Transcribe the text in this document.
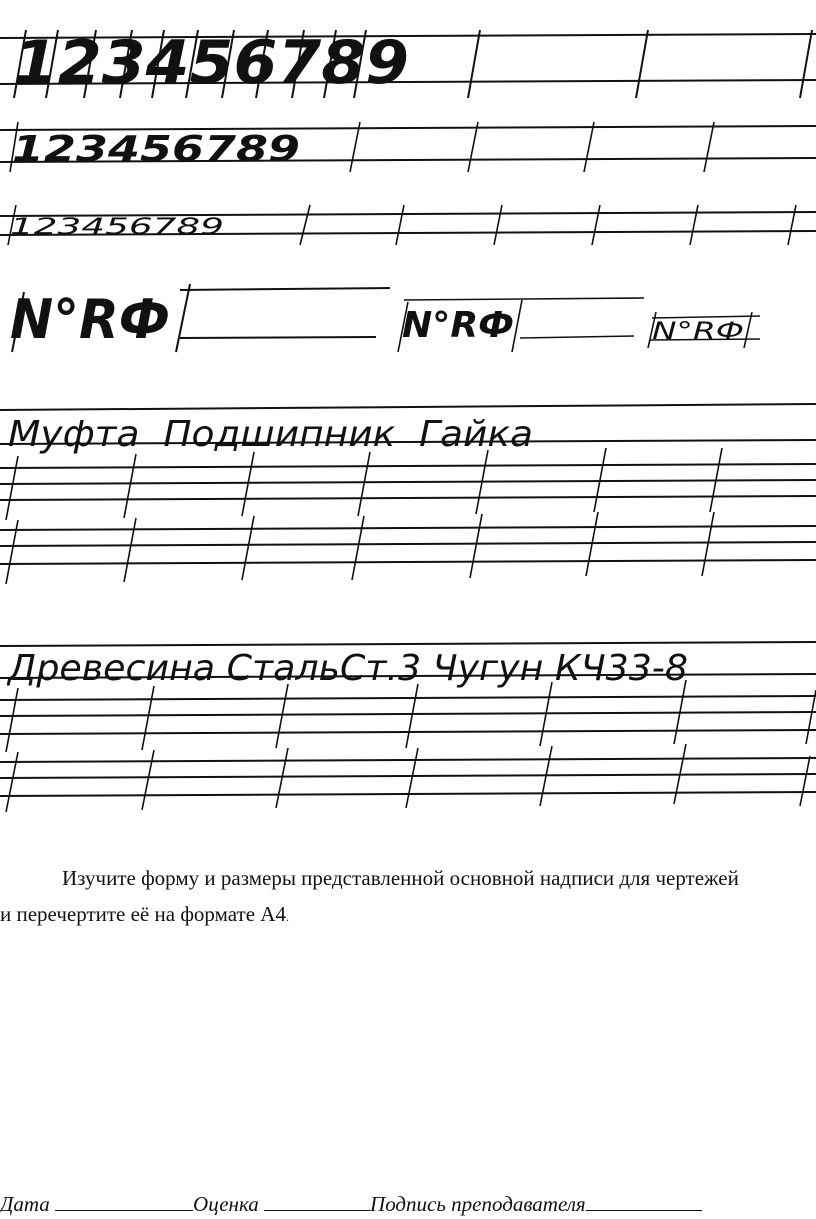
123456789
123456789
123456789
N°RФ	N°RФ	N°RФ
Муфта  Подшипник  Гайка
Древесина СтальСт.3 Чугун КЧ33-8

Изучите форму и размеры представленной основной надписи для чертежей
и перечертите её на формате А4.

Дата	Оценка	Подпись преподавателя
